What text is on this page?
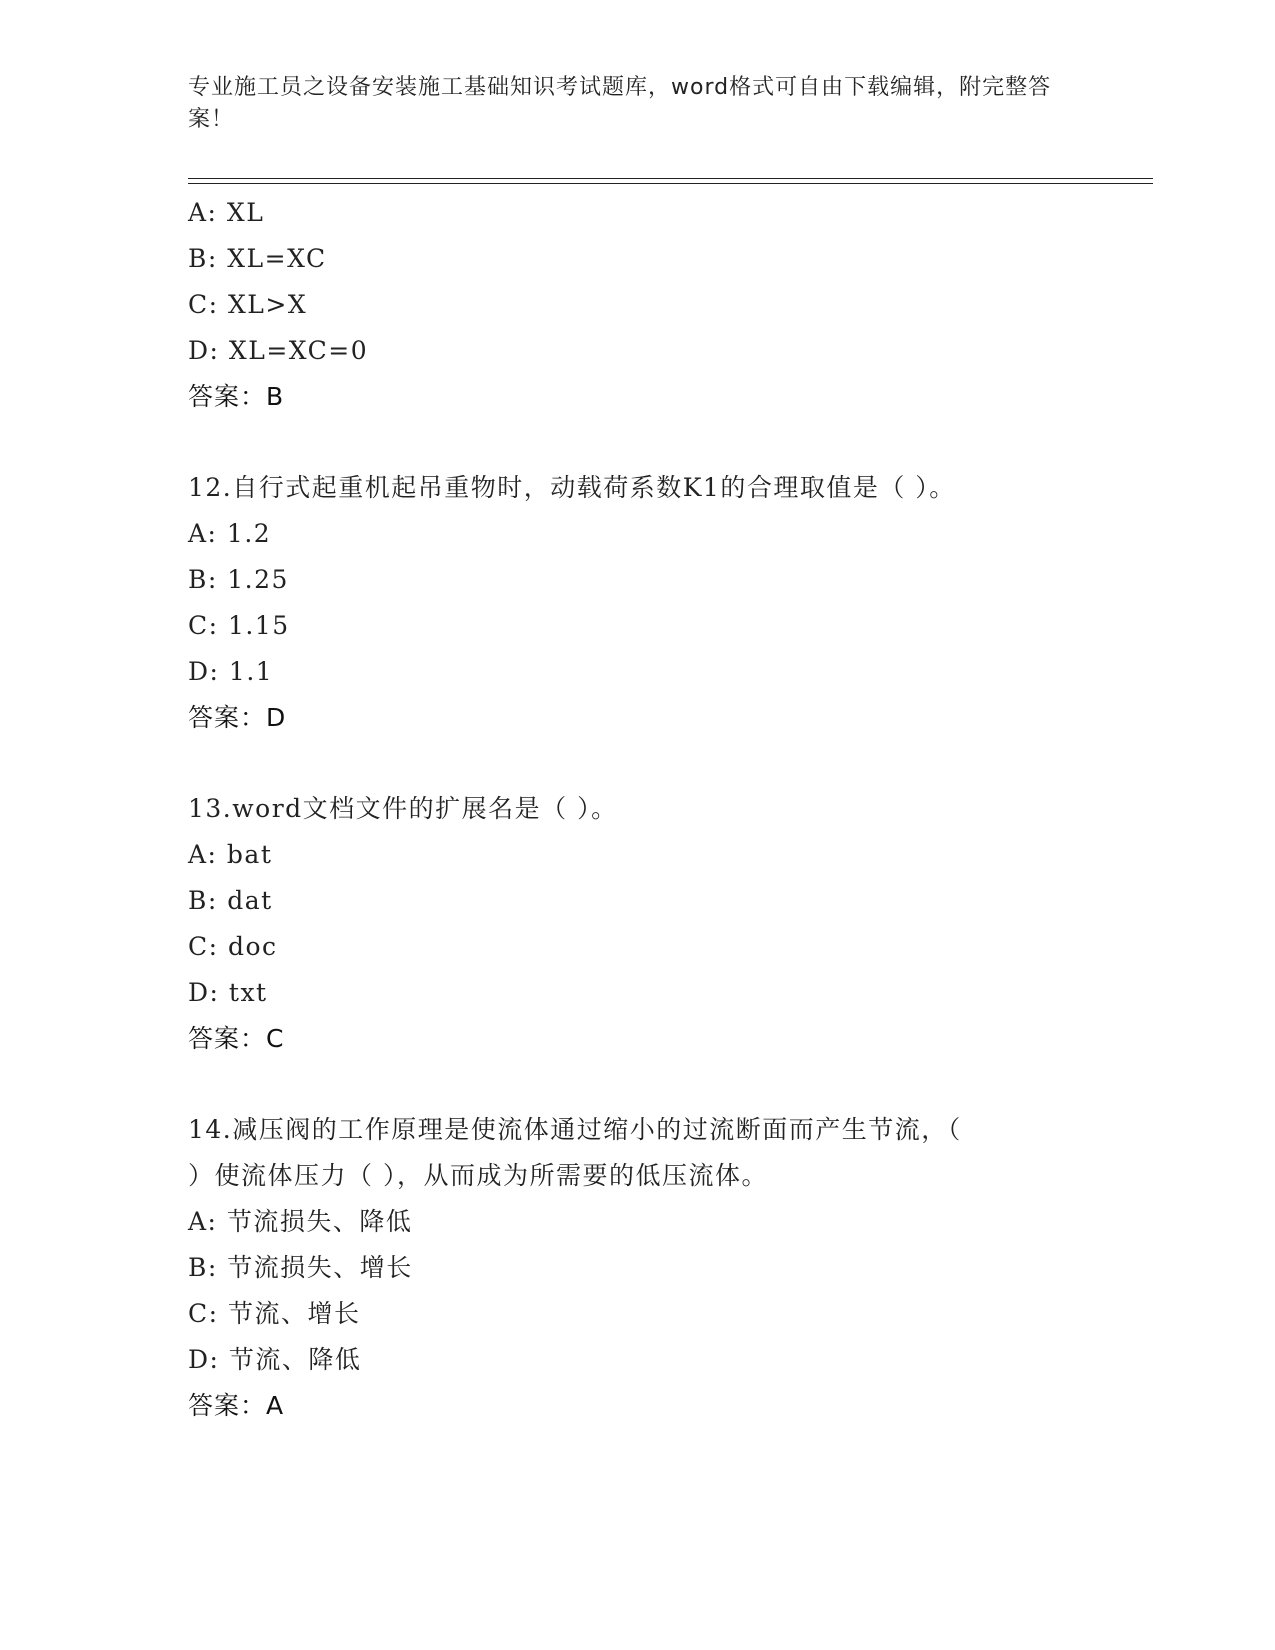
专业施工员之设备安装施工基础知识考试题库，word格式可自由下载编辑，附完整答案！
A: XL
B: XL=XC
C: XL>X
D: XL=XC=0
答案：B
12.自行式起重机起吊重物时，动载荷系数K1的合理取值是（ ）。
A: 1.2
B: 1.25
C: 1.15
D: 1.1
答案：D
13.word文档文件的扩展名是（ ）。
A: bat
B: dat
C: doc
D: txt
答案：C
14.减压阀的工作原理是使流体通过缩小的过流断面而产生节流，（
）使流体压力（ ），从而成为所需要的低压流体。
A: 节流损失、降低
B: 节流损失、增长
C: 节流、增长
D: 节流、降低
答案：A
